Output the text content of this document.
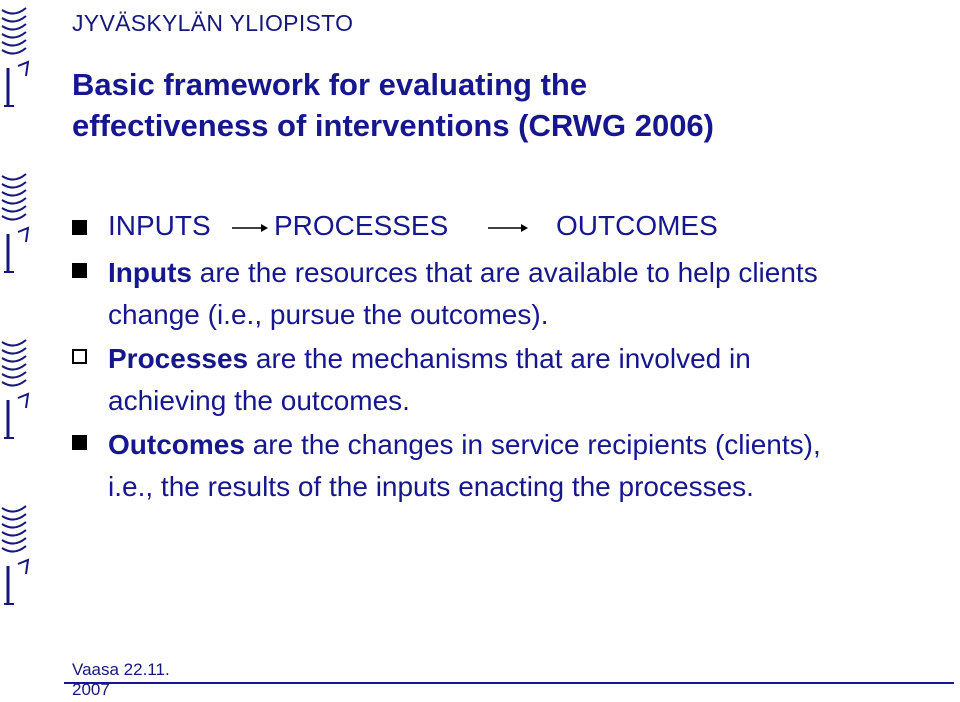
JYVÄSKYLÄN YLIOPISTO
Basic framework for evaluating the
effectiveness of interventions (CRWG 2006)
INPUTS PROCESSES	OUTCOMES
Inputs are the resources that are available to help clients
change (i.e., pursue the outcomes).
Processes are the mechanisms that are involved in
achieving the outcomes.
Outcomes are the changes in service recipients (clients),
i.e., the results of the inputs enacting the processes.
Vaasa 22.11.
2007
